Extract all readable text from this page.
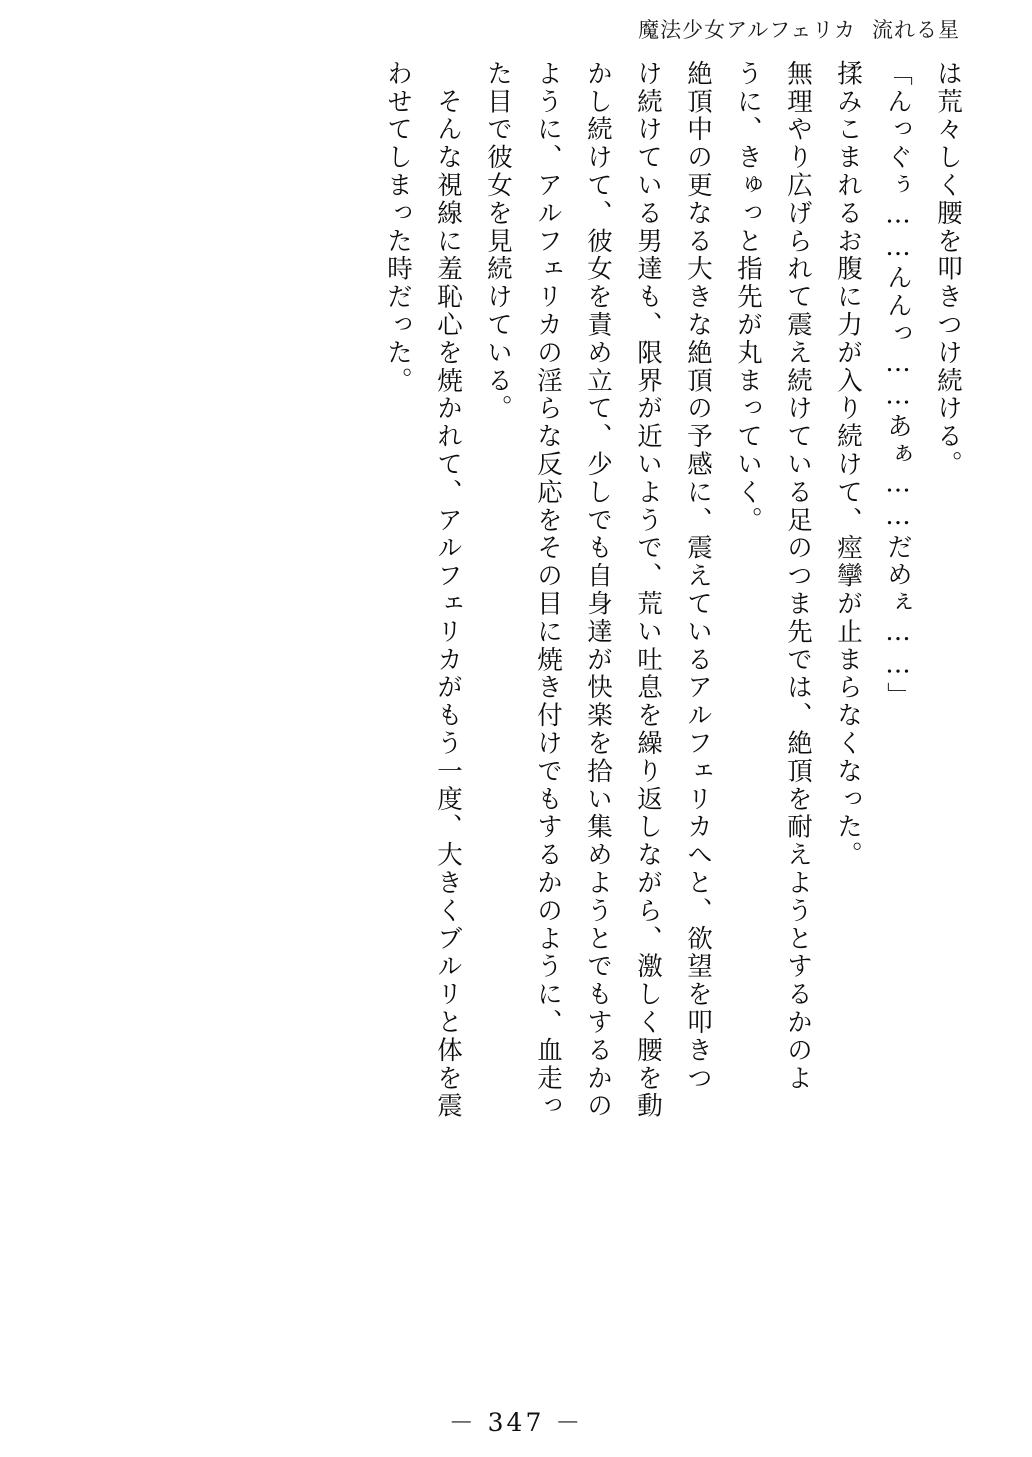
魔法少女アルフェリカ 流れる星
は荒々しく腰を叩きつけ続ける。
「んっぐぅ……んんっ……あぁ……だめぇ……」
揉みこまれるお腹に力が入り続けて、痙攣が止まらなくなった。
無理やり広げられて震え続けている足のつま先では、絶頂を耐えようとするかのよ
うに、きゅっと指先が丸まっていく。
絶頂中の更なる大きな絶頂の予感に、震えているアルフェリカへと、欲望を叩きつ
け続けている男達も、限界が近いようで、荒い吐息を繰り返しながら、激しく腰を動
かし続けて、彼女を責め立て、少しでも自身達が快楽を拾い集めようとでもするかの
ように、アルフェリカの淫らな反応をその目に焼き付けでもするかのように、血走っ
た目で彼女を見続けている。
　そんな視線に羞恥心を焼かれて、アルフェリカがもう一度、大きくブルリと体を震
わせてしまった時だった。
－ 347 －
